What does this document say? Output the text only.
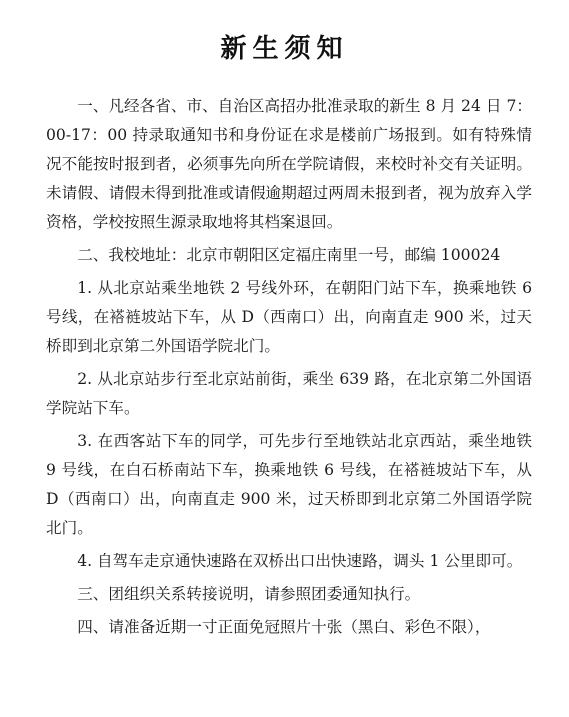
新生须知

一、凡经各省、市、自治区高招办批准录取的新生 8 月 24 日 7：00-17：00 持录取通知书和身份证在求是楼前广场报到。如有特殊情况不能按时报到者，必须事先向所在学院请假，来校时补交有关证明。未请假、请假未得到批准或请假逾期超过两周未报到者，视为放弃入学资格，学校按照生源录取地将其档案退回。

二、我校地址：北京市朝阳区定福庄南里一号，邮编 100024

1. 从北京站乘坐地铁 2 号线外环，在朝阳门站下车，换乘地铁 6 号线，在褡裢坡站下车，从 D（西南口）出，向南直走 900 米，过天桥即到北京第二外国语学院北门。

2. 从北京站步行至北京站前街，乘坐 639 路，在北京第二外国语学院站下车。

3. 在西客站下车的同学，可先步行至地铁站北京西站，乘坐地铁 9 号线，在白石桥南站下车，换乘地铁 6 号线，在褡裢坡站下车，从 D（西南口）出，向南直走 900 米，过天桥即到北京第二外国语学院北门。

4. 自驾车走京通快速路在双桥出口出快速路，调头 1 公里即可。

三、团组织关系转接说明，请参照团委通知执行。

四、请准备近期一寸正面免冠照片十张（黑白、彩色不限），
